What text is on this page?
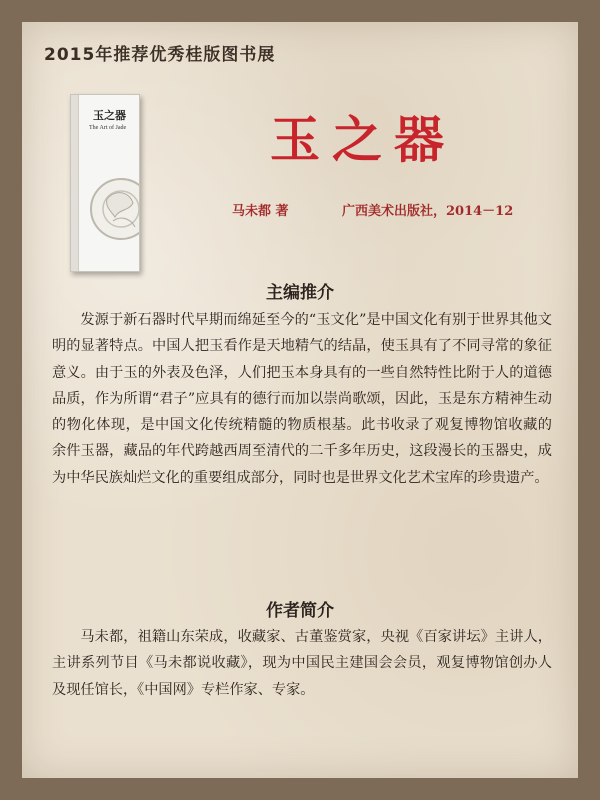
2015年推荐优秀桂版图书展
玉之器
The Art of Jade	玉之器
马未都 著	广西美术出版社，2014－12
主编推介
发源于新石器时代早期而绵延至今的“玉文化”是中国文化有别于世界其他文明的显著特点。中国人把玉看作是天地精气的结晶，使玉具有了不同寻常的象征意义。由于玉的外表及色泽，人们把玉本身具有的一些自然特性比附于人的道德品质，作为所谓“君子”应具有的德行而加以崇尚歌颂，因此，玉是东方精神生动的物化体现，是中国文化传统精髓的物质根基。此书收录了观复博物馆收藏的 余件玉器，藏品的年代跨越西周至清代的二千多年历史，这段漫长的玉器史，成为中华民族灿烂文化的重要组成部分，同时也是世界文化艺术宝库的珍贵遗产。
作者简介
马未都，祖籍山东荣成，收藏家、古董鉴赏家，央视《百家讲坛》主讲人，主讲系列节目《马未都说收藏》，现为中国民主建国会会员，观复博物馆创办人及现任馆长，《中国网》专栏作家、专家。
